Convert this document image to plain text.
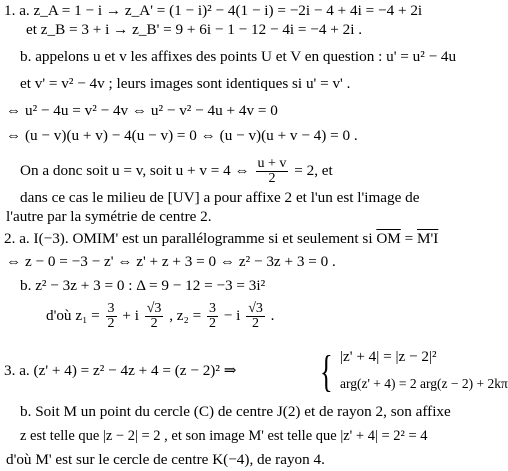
1. a. z_A = 1 − i → z_A' = (1 − i)² − 4(1 − i) = −2i − 4 + 4i = −4 + 2i
et z_B = 3 + i → z_B' = 9 + 6i − 1 − 12 − 4i = −4 + 2i .
b. appelons u et v les affixes des points U et V en question : u' = u² − 4u
et v' = v² − 4v ; leurs images sont identiques si u' = v' .
⇔ u² − 4u = v² − 4v ⇔ u² − v² − 4u + 4v = 0
⇔ (u − v)(u + v) − 4(u − v) = 0 ⇔ (u − v)(u + v − 4) = 0 .
On a donc soit u = v, soit u + v = 4 ⇔ $\frac{u + v}{2} = 2$, et
dans ce cas le milieu de [UV] a pour affixe 2 et l'un est l'image de
l'autre par la symétrie de centre 2.
2. a. I(−3). OMIM' est un parallélogramme si et seulement si $\overline{OM} = M'I$
⇔ z − 0 = −3 − z' ⇔ z' + z + 3 = 0 ⇔ z² − 3z + 3 = 0 .
b. z² − 3z + 3 = 0 : Δ = 9 − 12 = −3 = 3i²
d'où $z_1 = \frac{3}{2} + i \frac{√3}{2}$ , $z_2 = \frac{3}{2} - i \frac{√3}{2}$ .
3. a. (z' + 4) = z² − 4z + 4 = (z − 2)² ⇒ { |z' + 4| = |z − 2|²
arg(z' + 4) = 2 arg(z − 2) + 2kπ
b. Soit M un point du cercle (C) de centre J(2) et de rayon 2, son affixe
z est telle que |z − 2| = 2 , et son image M' est telle que |z' + 4| = 2² = 4
d'où M' est sur le cercle de centre K(−4), de rayon 4.
